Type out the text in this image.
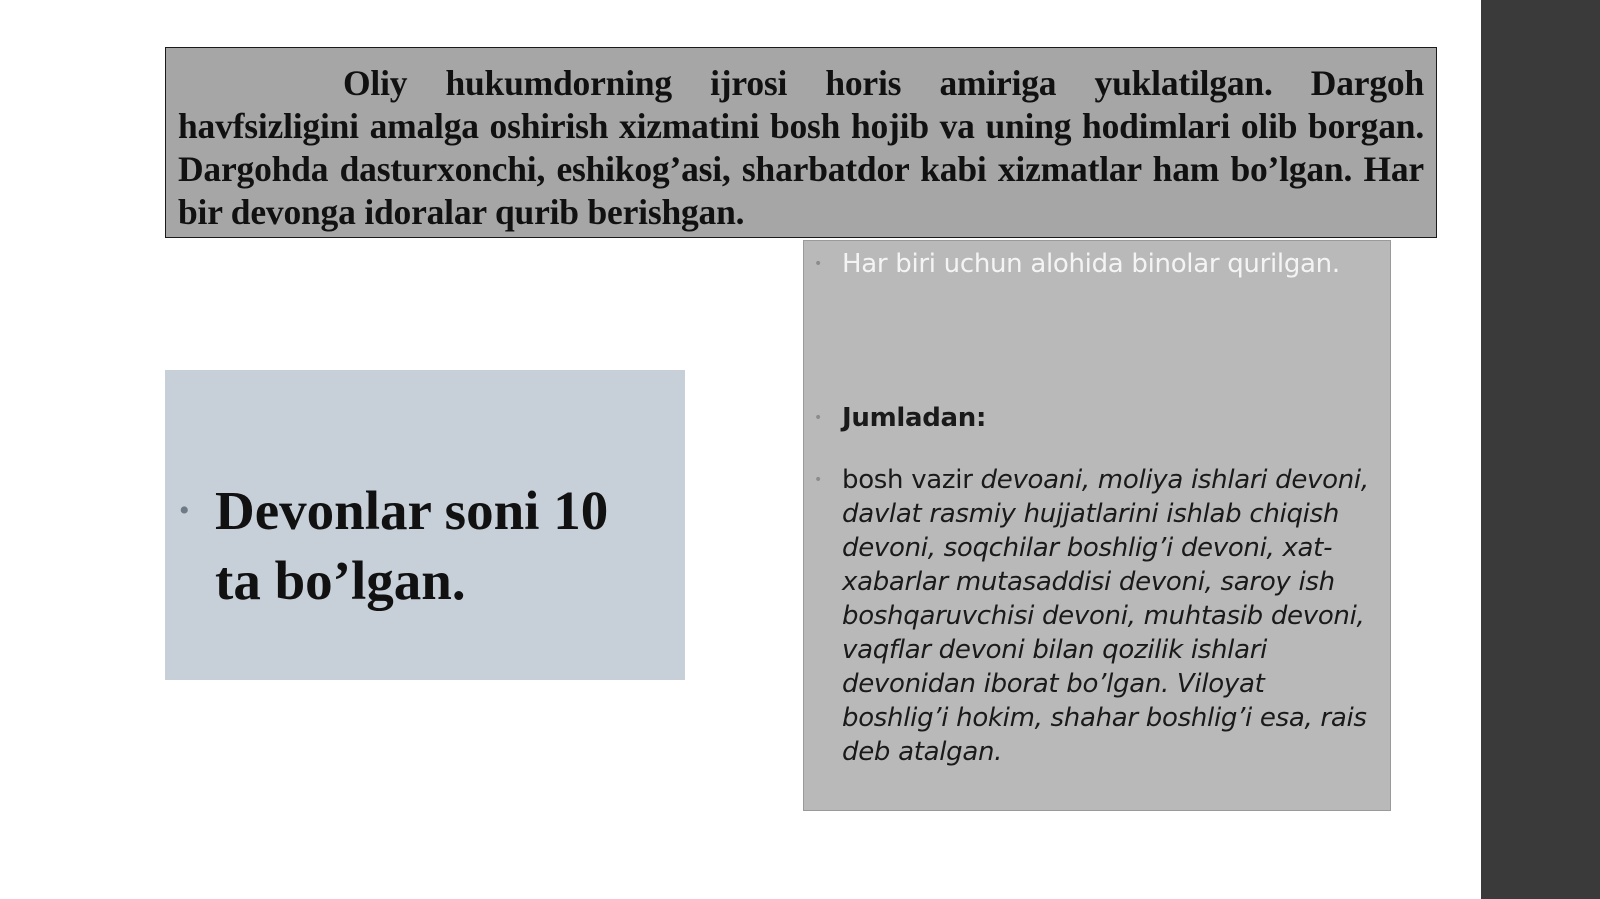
Oliy hukumdorning ijrosi horis amiriga yuklatilgan. Dargoh havfsizligini amalga oshirish xizmatini bosh hojib va uning hodimlari olib borgan. Dargohda dasturxonchi, eshikog’asi, sharbatdor kabi xizmatlar ham bo’lgan. Har bir devonga idoralar qurib berishgan.

• Devonlar soni 10 ta bo’lgan.

• Har biri uchun alohida binolar qurilgan.

• Jumladan:

• bosh vazir devoani, moliya ishlari devoni, davlat rasmiy hujjatlarini ishlab chiqish devoni, soqchilar boshlig’i devoni, xat-xabarlar mutasaddisi devoni, saroy ish boshqaruvchisi devoni, muhtasib devoni, vaqflar devoni bilan qozilik ishlari devonidan iborat bo’lgan. Viloyat boshlig’i hokim, shahar boshlig’i esa, rais deb atalgan.
